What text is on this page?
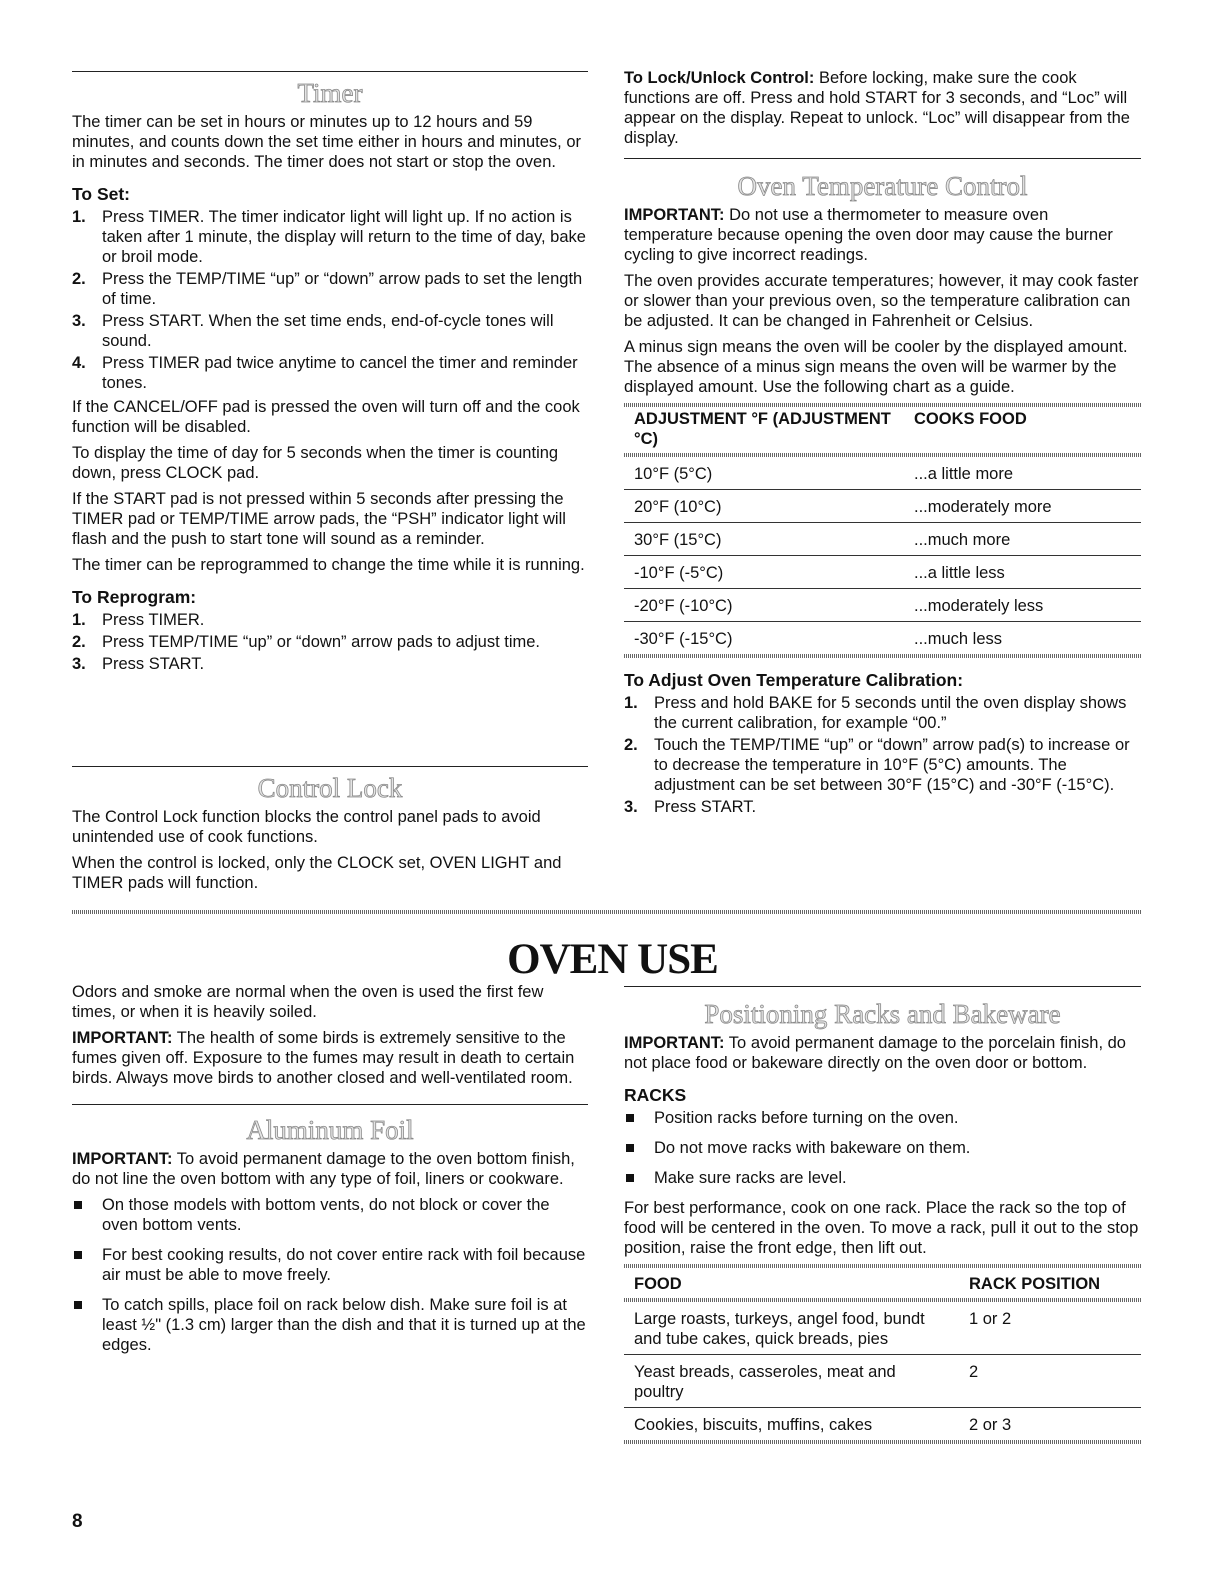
Timer

The timer can be set in hours or minutes up to 12 hours and 59 minutes, and counts down the set time either in hours and minutes, or in minutes and seconds. The timer does not start or stop the oven.

To Set:
1. Press TIMER. The timer indicator light will light up. If no action is taken after 1 minute, the display will return to the time of day, bake or broil mode.
2. Press the TEMP/TIME “up” or “down” arrow pads to set the length of time.
3. Press START. When the set time ends, end-of-cycle tones will sound.
4. Press TIMER pad twice anytime to cancel the timer and reminder tones.

If the CANCEL/OFF pad is pressed the oven will turn off and the cook function will be disabled.

To display the time of day for 5 seconds when the timer is counting down, press CLOCK pad.

If the START pad is not pressed within 5 seconds after pressing the TIMER pad or TEMP/TIME arrow pads, the “PSH” indicator light will flash and the push to start tone will sound as a reminder.

The timer can be reprogrammed to change the time while it is running.

To Reprogram:
1. Press TIMER.
2. Press TEMP/TIME “up” or “down” arrow pads to adjust time.
3. Press START.
Control Lock

The Control Lock function blocks the control panel pads to avoid unintended use of cook functions.

When the control is locked, only the CLOCK set, OVEN LIGHT and TIMER pads will function.

To Lock/Unlock Control: Before locking, make sure the cook functions are off. Press and hold START for 3 seconds, and “Loc” will appear on the display. Repeat to unlock. “Loc” will disappear from the display.

Oven Temperature Control

IMPORTANT: Do not use a thermometer to measure oven temperature because opening the oven door may cause the burner cycling to give incorrect readings.

The oven provides accurate temperatures; however, it may cook faster or slower than your previous oven, so the temperature calibration can be adjusted. It can be changed in Fahrenheit or Celsius.

A minus sign means the oven will be cooler by the displayed amount. The absence of a minus sign means the oven will be warmer by the displayed amount. Use the following chart as a guide.

ADJUSTMENT °F (ADJUSTMENT °C)	COOKS FOOD

10°F (5°C)	...a little more
20°F (10°C)	...moderately more
30°F (15°C)	...much more
-10°F (-5°C)	...a little less
-20°F (-10°C)	...moderately less
-30°F (-15°C)	...much less
To Adjust Oven Temperature Calibration:
1. Press and hold BAKE for 5 seconds until the oven display shows the current calibration, for example “00.”
2. Touch the TEMP/TIME “up” or “down” arrow pad(s) to increase or to decrease the temperature in 10°F (5°C) amounts. The adjustment can be set between 30°F (15°C) and -30°F (-15°C).
3. Press START.
OVEN USE

Odors and smoke are normal when the oven is used the first few times, or when it is heavily soiled.

IMPORTANT: The health of some birds is extremely sensitive to the fumes given off. Exposure to the fumes may result in death to certain birds. Always move birds to another closed and well-ventilated room.

Aluminum Foil

IMPORTANT: To avoid permanent damage to the oven bottom finish, do not line the oven bottom with any type of foil, liners or cookware.

On those models with bottom vents, do not block or cover the oven bottom vents.
For best cooking results, do not cover entire rack with foil because air must be able to move freely.
To catch spills, place foil on rack below dish. Make sure foil is at least ½" (1.3 cm) larger than the dish and that it is turned up at the edges.
Positioning Racks and Bakeware

IMPORTANT: To avoid permanent damage to the porcelain finish, do not place food or bakeware directly on the oven door or bottom.

RACKS
Position racks before turning on the oven.
Do not move racks with bakeware on them.
Make sure racks are level.

For best performance, cook on one rack. Place the rack so the top of food will be centered in the oven. To move a rack, pull it out to the stop position, raise the front edge, then lift out.

FOOD	RACK POSITION

Large roasts, turkeys, angel food, bundt and tube cakes, quick breads, pies	1 or 2
Yeast breads, casseroles, meat and poultry	2
Cookies, biscuits, muffins, cakes	2 or 3
8
